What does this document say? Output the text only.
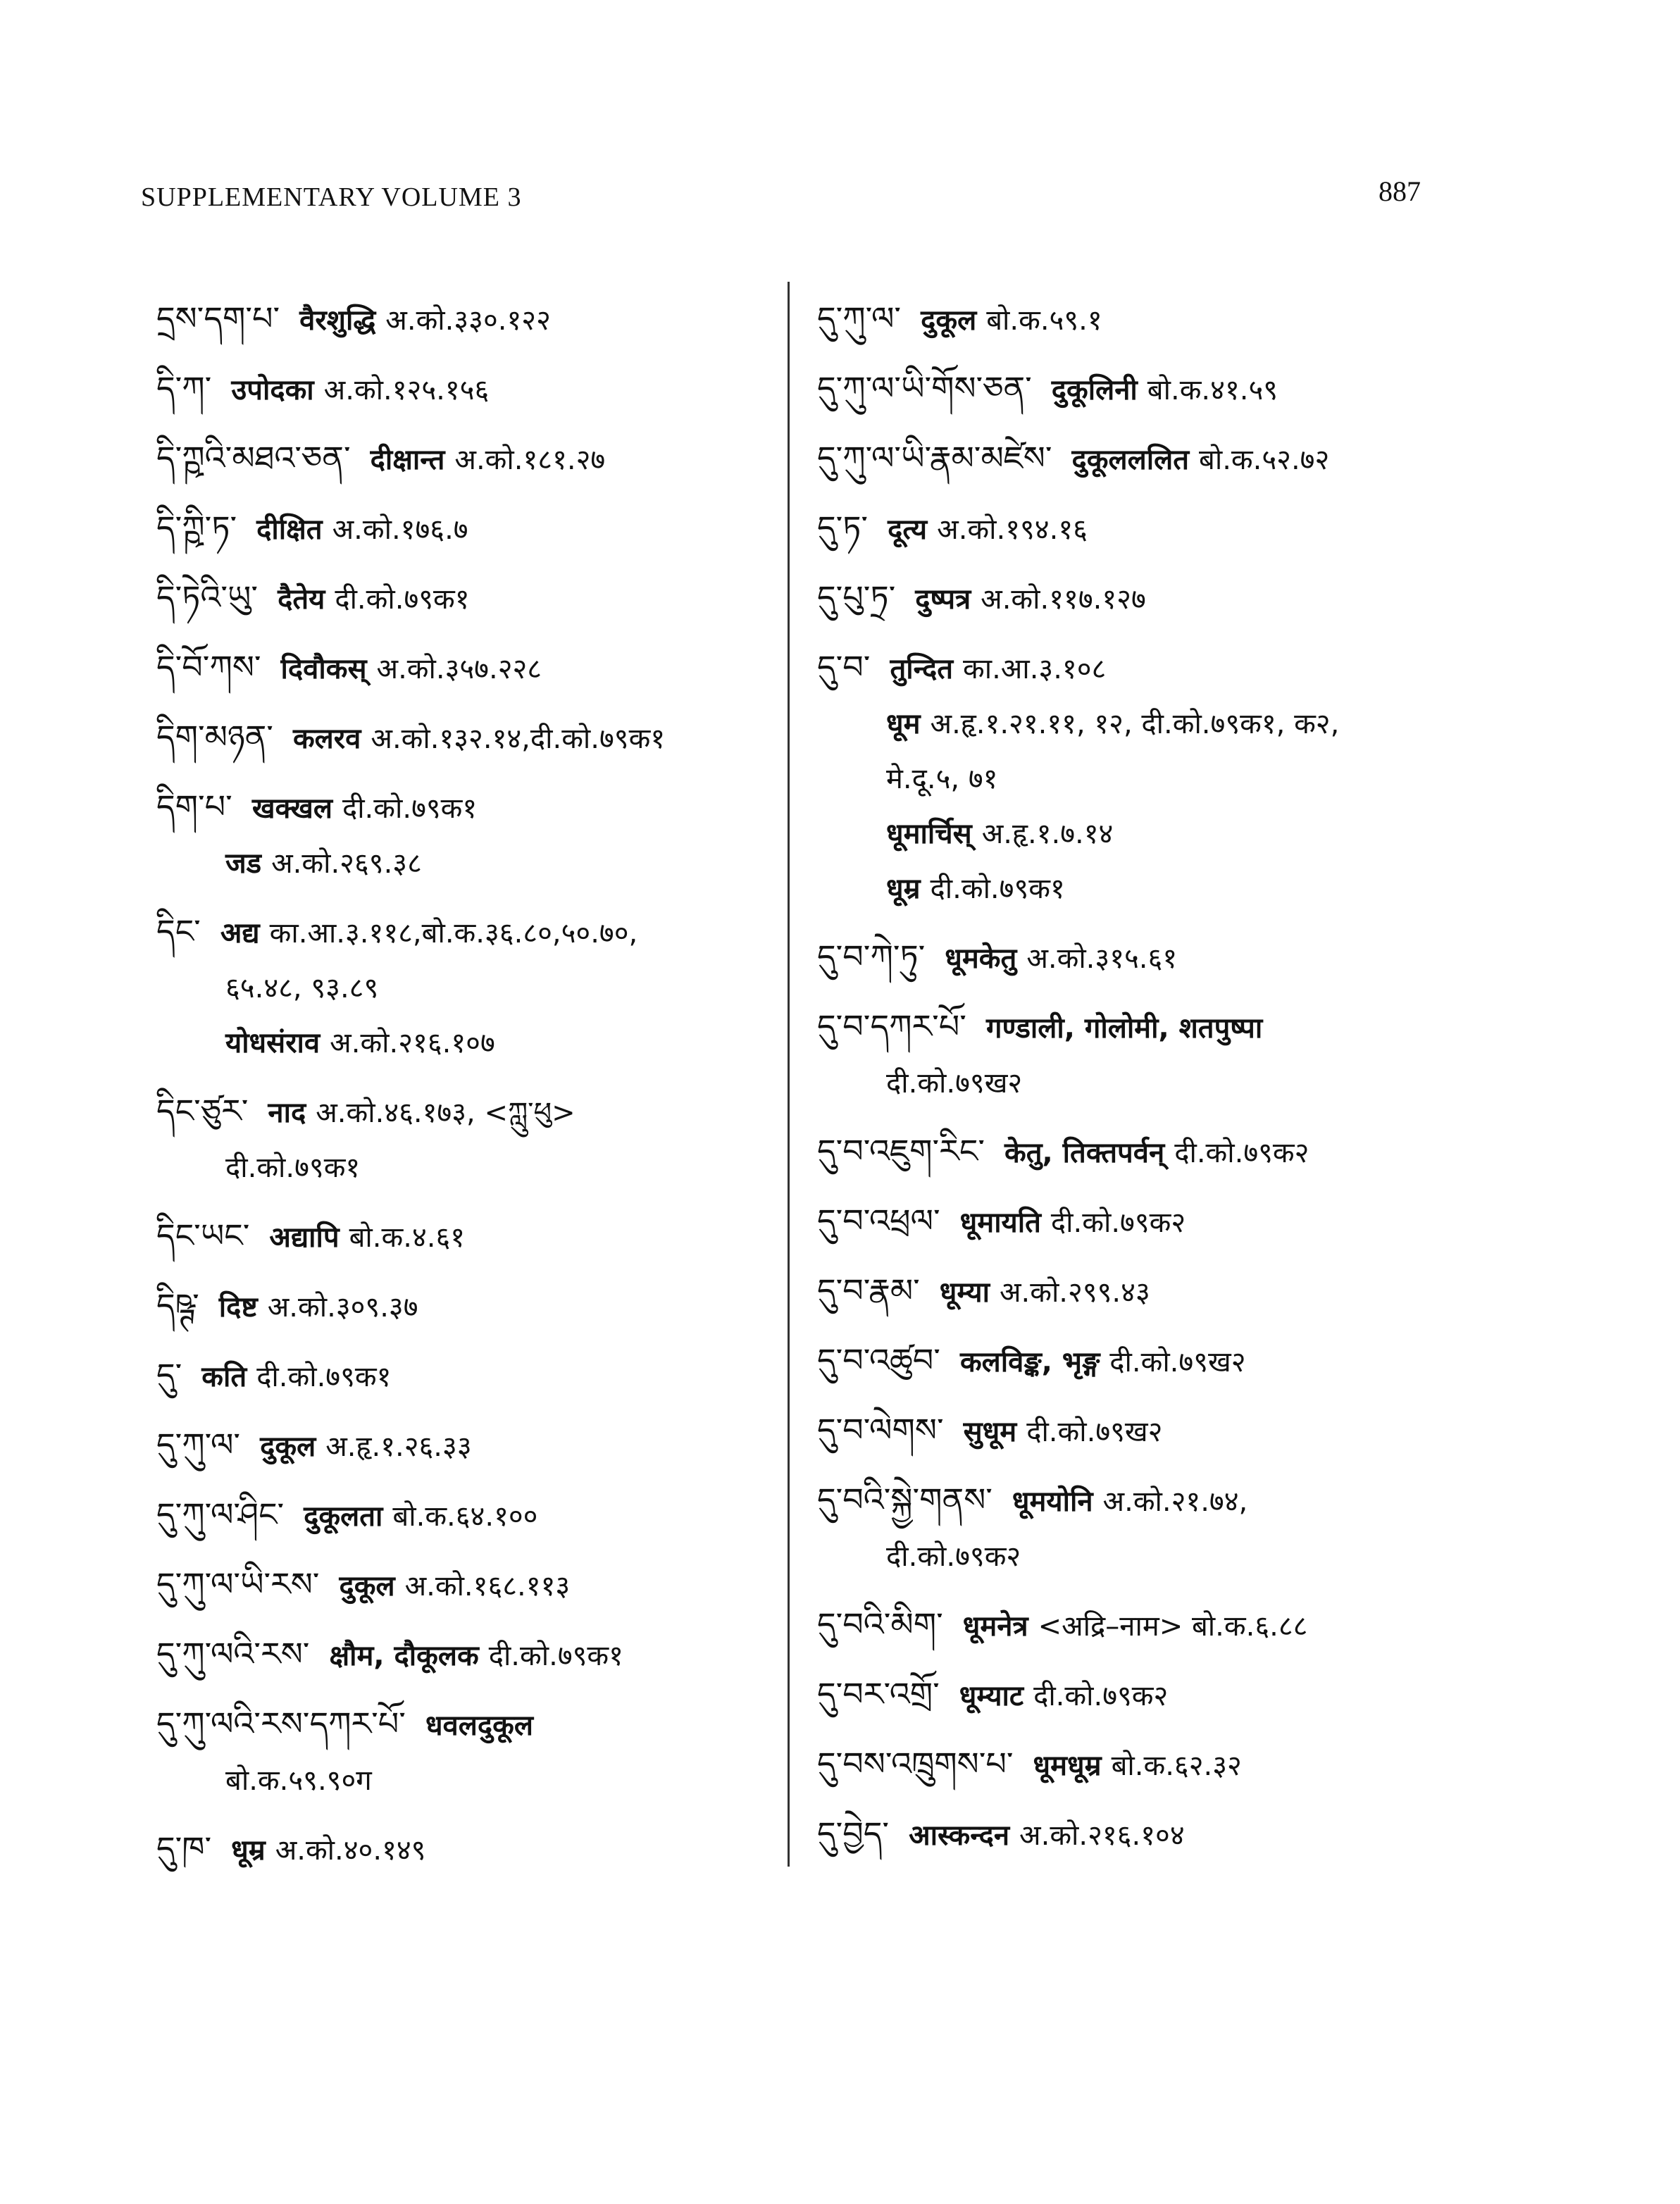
SUPPLEMENTARY VOLUME 3	887
དྲས་དག་པ་ वैरशुद्धि अ.को.३३०.१२२
དི་ཀ་ उपोदका अ.को.१२५.१५६
དི་ཀྵའི་མཐའ་ཅན་ दीक्षान्त अ.को.१८१.२७
དི་ཀྵི་ཏ་ दीक्षित अ.को.१७६.७
དི་ཏེའི་ཡུ་ दैतेय दी.को.७९क१
དི་བོ་ཀས་ दिवौकस् अ.को.३५७.२२८
དིག་མཉན་ कलरव अ.को.१३२.१४,दी.को.७९क१
དིག་པ་ खक्खल दी.को.७९क१
जड अ.को.२६९.३८
དིང་ अद्य का.आ.३.११८,बो.क.३६.८०,५०.७०,
६५.४८, ९३.८९
योधसंराव अ.को.२१६.१०७
དིང་ཙུར་ नाद अ.को.४६.१७३, <ཀླུ་ཕུ>
दी.को.७९क१
དིང་ཡང་ अद्यापि बो.क.४.६१
དིཥྚ་ दिष्ट अ.को.३०९.३७
དུ་ कति दी.को.७९क१
དུ་ཀུ་ལ་ दुकूल अ.हृ.१.२६.३३
དུ་ཀུ་ལ་ཤིང་ दुकूलता बो.क.६४.१००
དུ་ཀུ་ལ་ཡི་རས་ दुकूल अ.को.१६८.११३
དུ་ཀུ་ལའི་རས་ क्षौम, दौकूलक दी.को.७९क१
དུ་ཀུ་ལའི་རས་དཀར་པོ་ धवलदुकूल
बो.क.५९.९०ग
དུ་ཁ་ धूम्र अ.को.४०.१४९
དུ་ཀུ་ལ་ दुकूल बो.क.५९.१
དུ་ཀུ་ལ་ཡི་གོས་ཅན་ दुकूलिनी बो.क.४१.५९
དུ་ཀུ་ལ་ཡི་རྣམ་མཛེས་ दुकूलललित बो.क.५२.७२
དུ་ཏ་ दूत्य अ.को.१९४.१६
དུ་པུ་ཏྲ་ दुष्पत्र अ.को.११७.१२७
དུ་བ་ तुन्दित का.आ.३.१०८
धूम अ.हृ.१.२१.११, १२, दी.को.७९क१, क२,
मे.दू.५, ७१
धूमार्चिस् अ.हृ.१.७.१४
धूम्र दी.को.७९क१
དུ་བ་ཀེ་ཏུ་ धूमकेतु अ.को.३१५.६१
དུ་བ་དཀར་པོ་ गण्डाली, गोलोमी, शतपुष्पा
दी.को.७९ख२
དུ་བ་འཇུག་རིང་ केतु, तिक्तपर्वन् दी.को.७९क२
དུ་བ་འཕྲལ་ धूमायति दी.को.७९क२
དུ་བ་རྣམ་ धूम्या अ.को.२९९.४३
དུ་བ་འཚུབ་ कलविङ्क, भृङ्ग दी.को.७९ख२
དུ་བ་ལེགས་ सुधूम दी.को.७९ख२
དུ་བའི་སྐྱེ་གནས་ धूमयोनि अ.को.२१.७४,
दी.को.७९क२
དུ་བའི་མིག་ धूमनेत्र <अद्रि–नाम> बो.क.६.८८
དུ་བར་འགྲོ་ धूम्याट दी.को.७९क२
དུ་བས་འཁྲུགས་པ་ धूमधूम्र बो.क.६२.३२
དུ་བྱེད་ आस्कन्दन अ.को.२१६.१०४
